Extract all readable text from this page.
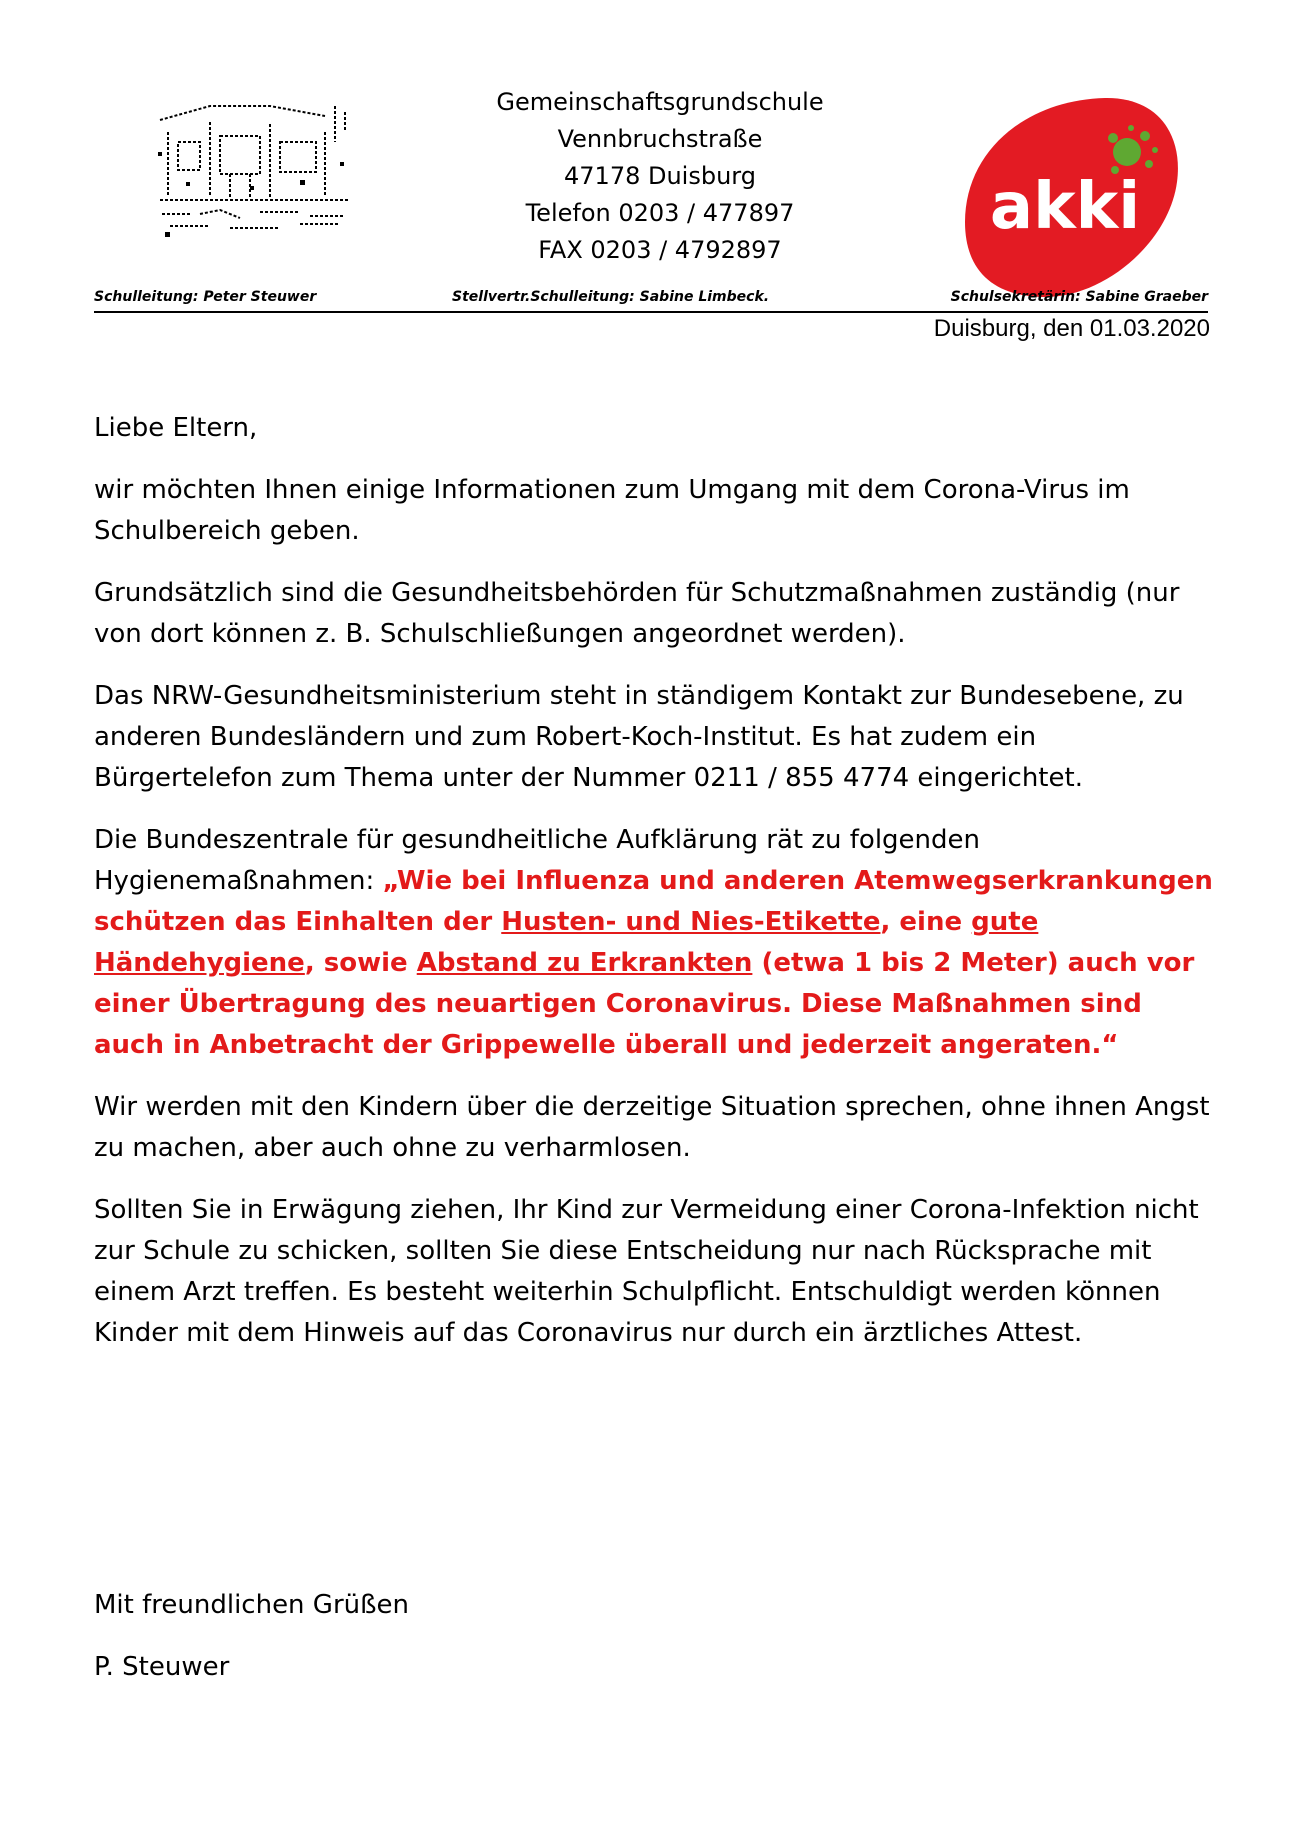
Gemeinschaftsgrundschule
Vennbruchstraße
47178 Duisburg
Telefon 0203 / 477897
FAX 0203 / 4792897
akki
Schulleitung: Peter Steuwer	Stellvertr.Schulleitung: Sabine Limbeck.	Schulsekretärin: Sabine Graeber
Duisburg, den 01.03.2020

Liebe Eltern,

wir möchten Ihnen einige Informationen zum Umgang mit dem Corona-Virus im Schulbereich geben.

Grundsätzlich sind die Gesundheitsbehörden für Schutzmaßnahmen zuständig (nur von dort können z. B. Schulschließungen angeordnet werden).

Das NRW-Gesundheitsministerium steht in ständigem Kontakt zur Bundesebene, zu anderen Bundesländern und zum Robert-Koch-Institut. Es hat zudem ein Bürgertelefon zum Thema unter der Nummer 0211 / 855 4774 eingerichtet.

Die Bundeszentrale für gesundheitliche Aufklärung rät zu folgenden Hygienemaßnahmen: „Wie bei Influenza und anderen Atemwegserkrankungen schützen das Einhalten der Husten- und Nies-Etikette, eine gute Händehygiene, sowie Abstand zu Erkrankten (etwa 1 bis 2 Meter) auch vor einer Übertragung des neuartigen Coronavirus. Diese Maßnahmen sind auch in Anbetracht der Grippewelle überall und jederzeit angeraten.“

Wir werden mit den Kindern über die derzeitige Situation sprechen, ohne ihnen Angst zu machen, aber auch ohne zu verharmlosen.

Sollten Sie in Erwägung ziehen, Ihr Kind zur Vermeidung einer Corona-Infektion nicht zur Schule zu schicken, sollten Sie diese Entscheidung nur nach Rücksprache mit einem Arzt treffen. Es besteht weiterhin Schulpflicht. Entschuldigt werden können Kinder mit dem Hinweis auf das Coronavirus nur durch ein ärztliches Attest.

Mit freundlichen Grüßen

P. Steuwer
